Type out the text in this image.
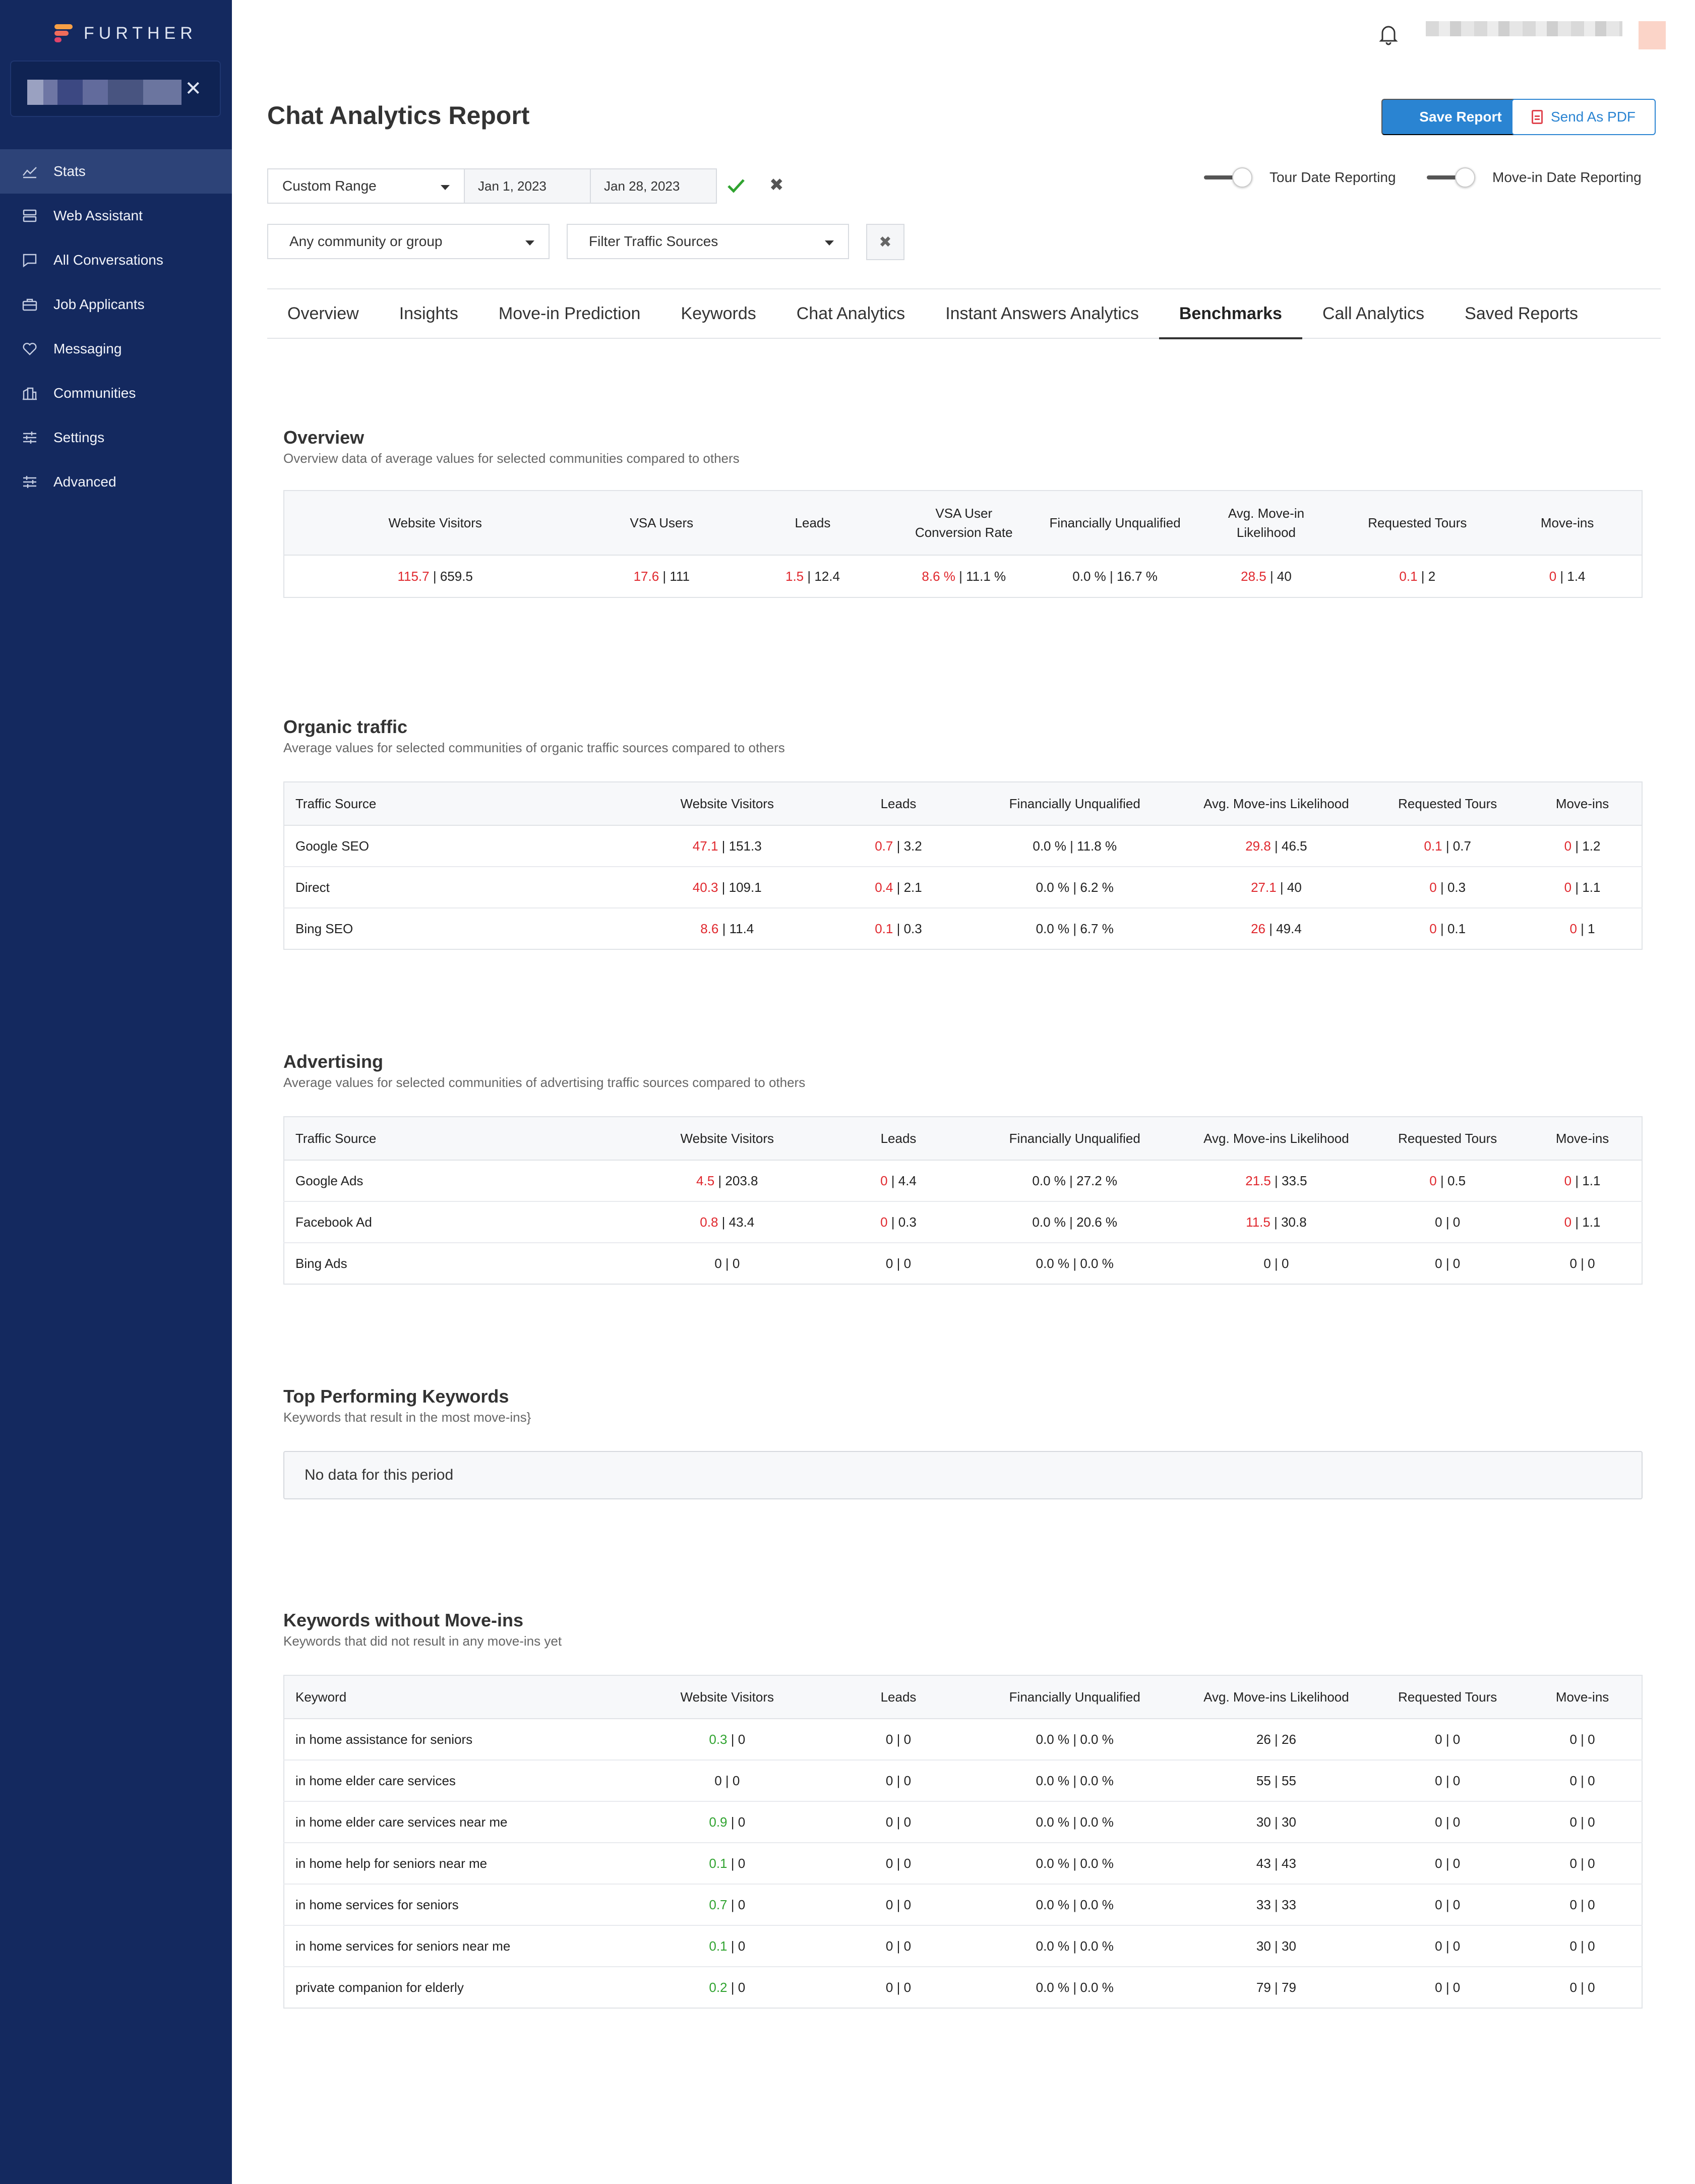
FURTHER
✕
Stats
Web Assistant
All Conversations
Job Applicants
Messaging
Communities
Settings
Advanced
Chat Analytics Report	Save Report	Send As PDF
Custom Range	Jan 1, 2023	Jan 28, 2023	✖	Tour Date Reporting	Move-in Date Reporting
Any community or group	Filter Traffic Sources	✖
Overview	Insights	Move-in Prediction	Keywords	Chat Analytics	Instant Answers Analytics	Benchmarks	Call Analytics	Saved Reports
Overview
Overview data of average values for selected communities compared to others
Website Visitors	VSA Users	Leads	VSA User Conversion Rate	Financially Unqualified	Avg. Move-in Likelihood	Requested Tours	Move-ins
115.7 | 659.5	17.6 | 111	1.5 | 12.4	8.6 % | 11.1 %	0.0 % | 16.7 %	28.5 | 40	0.1 | 2	0 | 1.4
Organic traffic
Average values for selected communities of organic traffic sources compared to others
Traffic Source	Website Visitors	Leads	Financially Unqualified	Avg. Move-ins Likelihood	Requested Tours	Move-ins
Google SEO	47.1 | 151.3	0.7 | 3.2	0.0 % | 11.8 %	29.8 | 46.5	0.1 | 0.7	0 | 1.2
Direct	40.3 | 109.1	0.4 | 2.1	0.0 % | 6.2 %	27.1 | 40	0 | 0.3	0 | 1.1
Bing SEO	8.6 | 11.4	0.1 | 0.3	0.0 % | 6.7 %	26 | 49.4	0 | 0.1	0 | 1
Advertising
Average values for selected communities of advertising traffic sources compared to others
Traffic Source	Website Visitors	Leads	Financially Unqualified	Avg. Move-ins Likelihood	Requested Tours	Move-ins
Google Ads	4.5 | 203.8	0 | 4.4	0.0 % | 27.2 %	21.5 | 33.5	0 | 0.5	0 | 1.1
Facebook Ad	0.8 | 43.4	0 | 0.3	0.0 % | 20.6 %	11.5 | 30.8	0 | 0	0 | 1.1
Bing Ads	0 | 0	0 | 0	0.0 % | 0.0 %	0 | 0	0 | 0	0 | 0
Top Performing Keywords
Keywords that result in the most move-ins}
No data for this period
Keywords without Move-ins
Keywords that did not result in any move-ins yet
Keyword	Website Visitors	Leads	Financially Unqualified	Avg. Move-ins Likelihood	Requested Tours	Move-ins
in home assistance for seniors	0.3 | 0	0 | 0	0.0 % | 0.0 %	26 | 26	0 | 0	0 | 0
in home elder care services	0 | 0	0 | 0	0.0 % | 0.0 %	55 | 55	0 | 0	0 | 0
in home elder care services near me	0.9 | 0	0 | 0	0.0 % | 0.0 %	30 | 30	0 | 0	0 | 0
in home help for seniors near me	0.1 | 0	0 | 0	0.0 % | 0.0 %	43 | 43	0 | 0	0 | 0
in home services for seniors	0.7 | 0	0 | 0	0.0 % | 0.0 %	33 | 33	0 | 0	0 | 0
in home services for seniors near me	0.1 | 0	0 | 0	0.0 % | 0.0 %	30 | 30	0 | 0	0 | 0
private companion for elderly	0.2 | 0	0 | 0	0.0 % | 0.0 %	79 | 79	0 | 0	0 | 0
